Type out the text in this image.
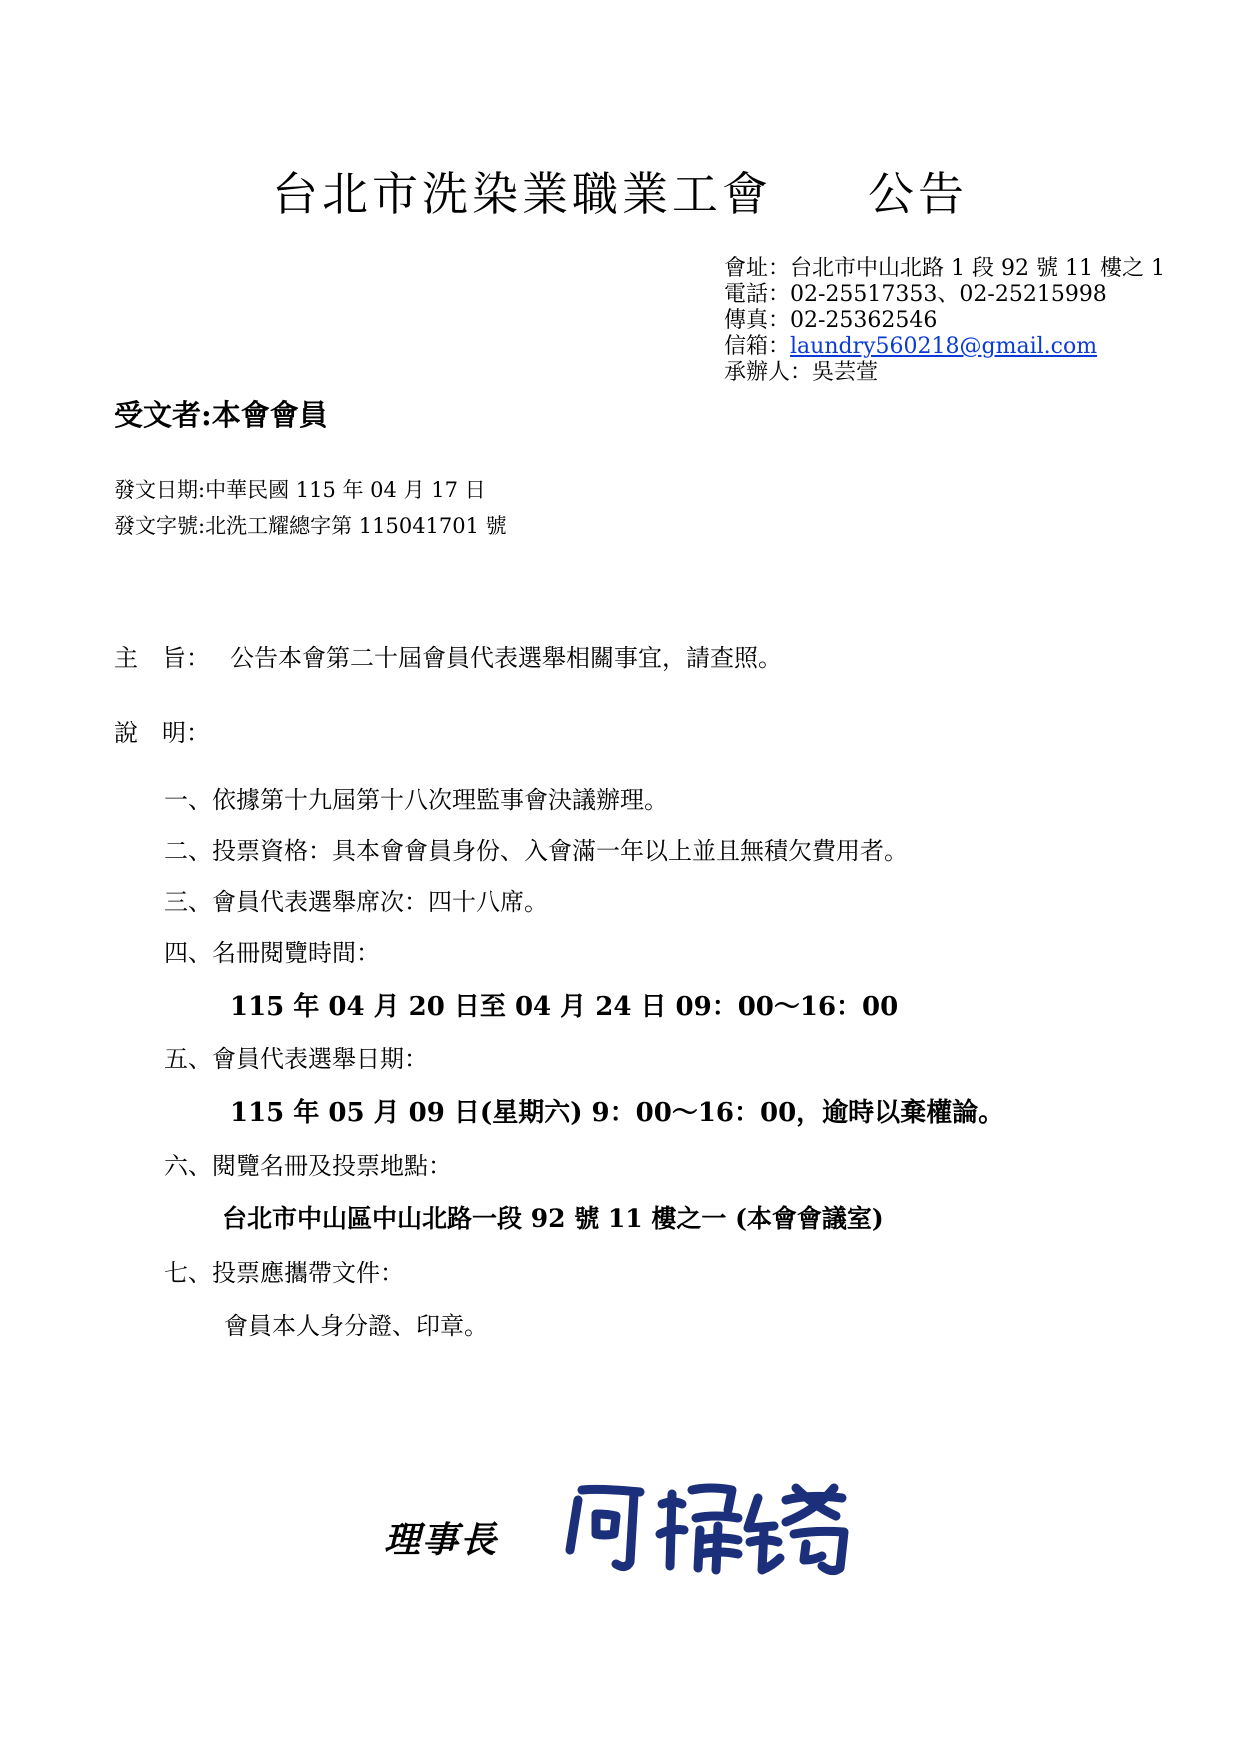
台北市洗染業職業工會 公告
會址：台北市中山北路 1 段 92 號 11 樓之 1
電話：02-25517353、02-25215998
傳真：02-25362546
信箱：laundry560218@gmail.com
承辦人：吳芸萱
受文者:本會會員
發文日期:中華民國 115 年 04 月 17 日
發文字號:北洗工耀總字第 115041701 號
主　旨： 公告本會第二十屆會員代表選舉相關事宜，請查照。
說　明：
一、依據第十九屆第十八次理監事會決議辦理。
二、投票資格：具本會會員身份、入會滿一年以上並且無積欠費用者。
三、會員代表選舉席次：四十八席。
四、名冊閱覽時間：
115 年 04 月 20 日至 04 月 24 日 09：00～16：00
五、會員代表選舉日期：
115 年 05 月 09 日(星期六) 9：00～16：00，逾時以棄權論。
六、閱覽名冊及投票地點：
台北市中山區中山北路一段 92 號 11 樓之一 (本會會議室)
七、投票應攜帶文件：
會員本人身分證、印章。
理事長
